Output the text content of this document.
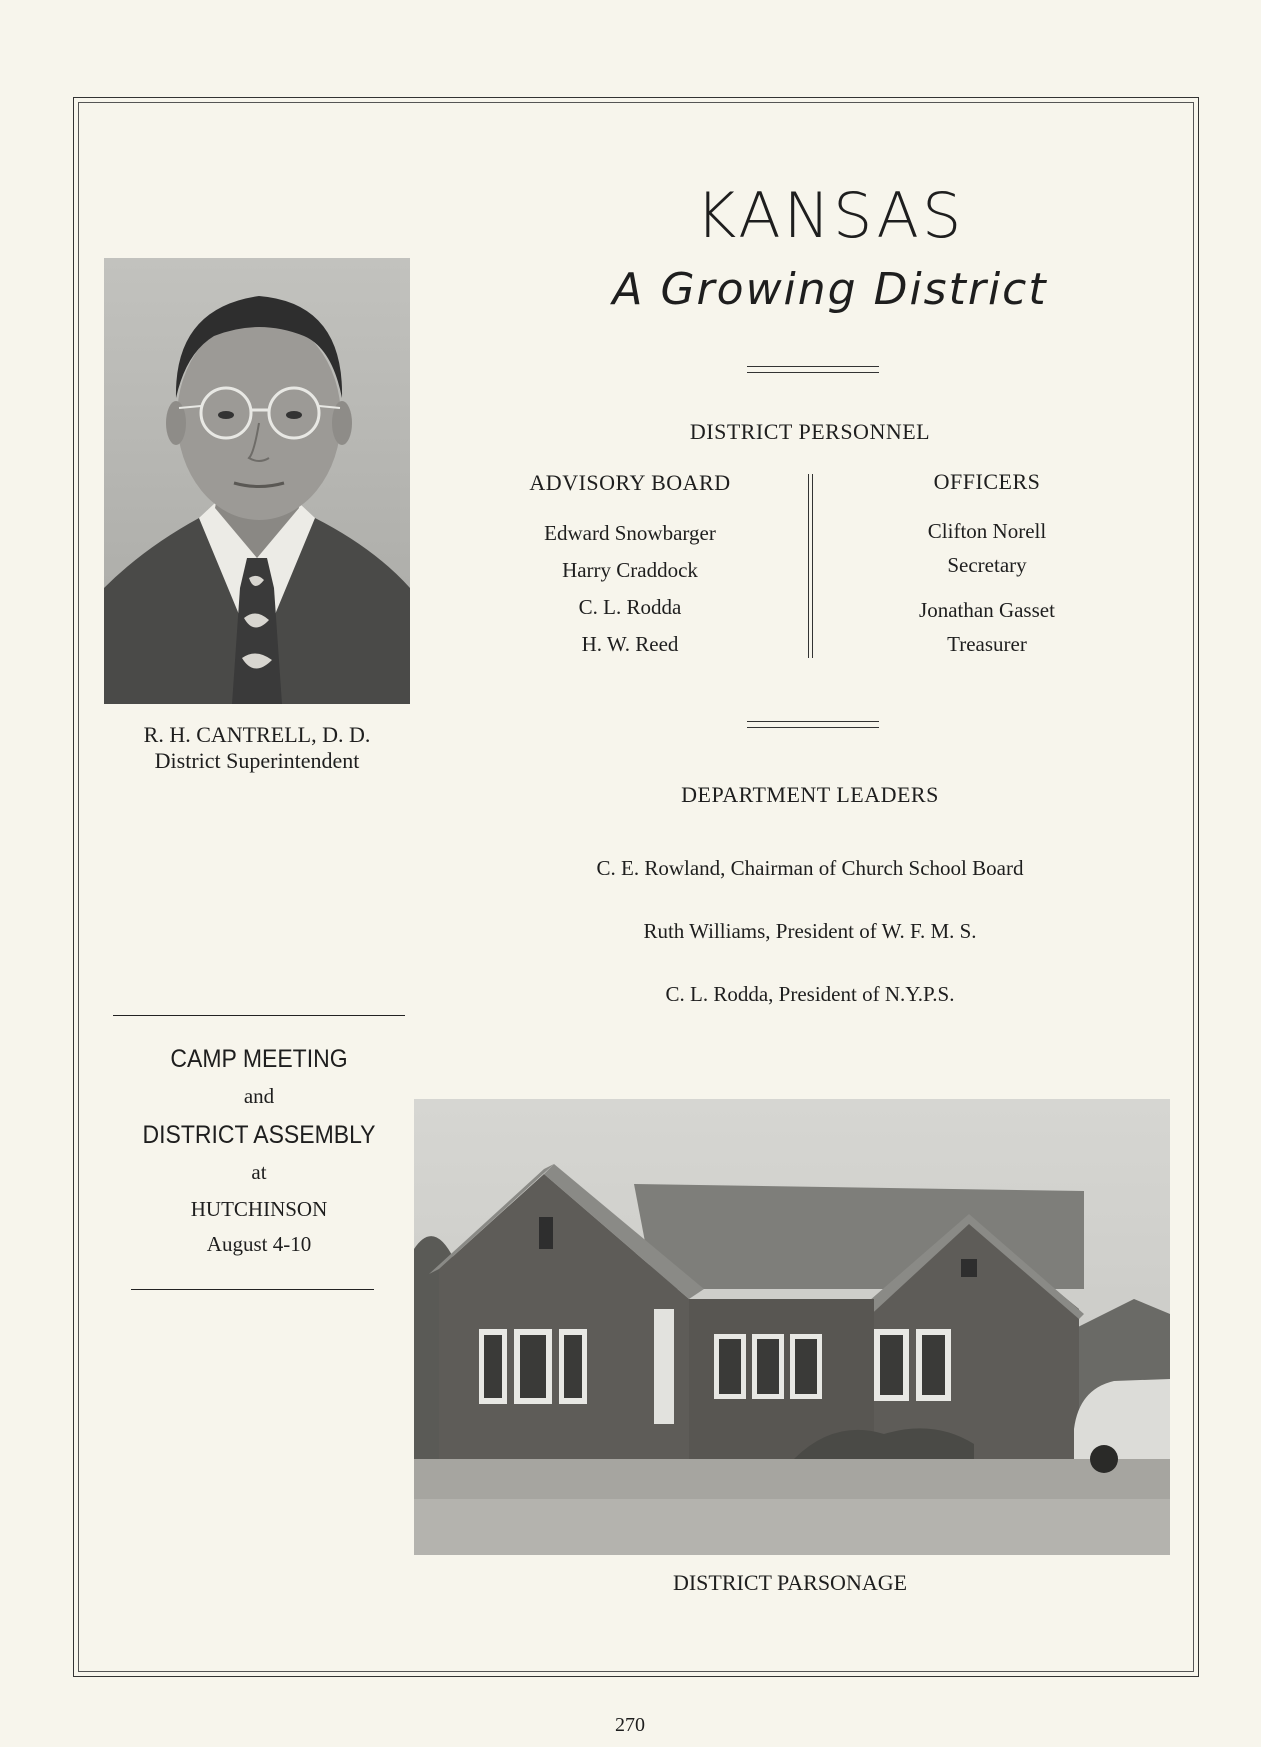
KANSAS
A Growing District
R. H. CANTRELL, D. D.
District Superintendent
DISTRICT PERSONNEL
ADVISORY BOARD
Edward Snowbarger
Harry Craddock
C. L. Rodda
H. W. Reed
OFFICERS
Clifton Norell
Secretary
Jonathan Gasset
Treasurer
DEPARTMENT LEADERS
C. E. Rowland, Chairman of Church School Board
Ruth Williams, President of W. F. M. S.
C. L. Rodda, President of N.Y.P.S.
CAMP MEETING
and
DISTRICT ASSEMBLY
at
HUTCHINSON
August 4-10
DISTRICT PARSONAGE
270
